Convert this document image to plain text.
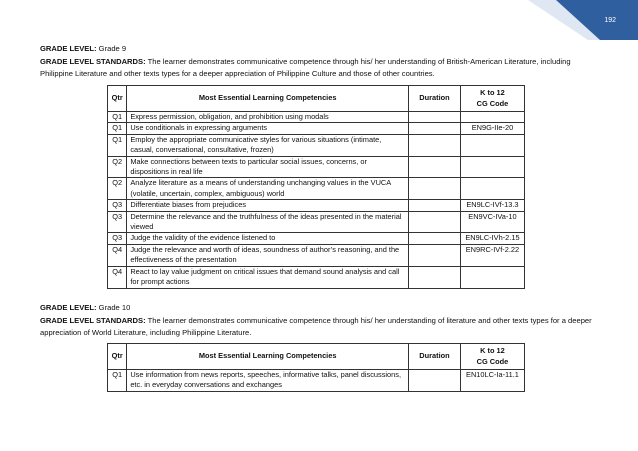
192
GRADE LEVEL: Grade 9
GRADE LEVEL STANDARDS: The learner demonstrates communicative competence through his/ her understanding of British-American Literature, including Philippine Literature and other texts types for a deeper appreciation of Philippine Culture and those of other countries.
Qtr	Most Essential Learning Competencies	Duration	K to 12
CG Code

Q1	Express permission, obligation, and prohibition using modals		
Q1	Use conditionals in expressing arguments		EN9G-IIe-20
Q1	Employ the appropriate communicative styles for various situations (intimate, casual, conversational, consultative, frozen)		
Q2	Make connections between texts to particular social issues, concerns, or dispositions in real life		
Q2	Analyze literature as a means of understanding unchanging values in the VUCA (volatile, uncertain, complex, ambiguous) world		
Q3	Differentiate biases from prejudices		EN9LC-IVf-13.3
Q3	Determine the relevance and the truthfulness of the ideas presented in the material viewed		EN9VC-IVa-10
Q3	Judge the validity of the evidence listened to		EN9LC-IVh-2.15
Q4	Judge the relevance and worth of ideas, soundness of author’s reasoning, and the effectiveness of the presentation		EN9RC-IVf-2.22
Q4	React to lay value judgment on critical issues that demand sound analysis and call for prompt actions		
GRADE LEVEL: Grade 10
GRADE LEVEL STANDARDS: The learner demonstrates communicative competence through his/ her understanding of literature and other texts types for a deeper appreciation of World Literature, including Philippine Literature.
Qtr	Most Essential Learning Competencies	Duration	K to 12
CG Code

Q1	Use information from news reports, speeches, informative talks, panel discussions, etc. in everyday conversations and exchanges		EN10LC-Ia-11.1
